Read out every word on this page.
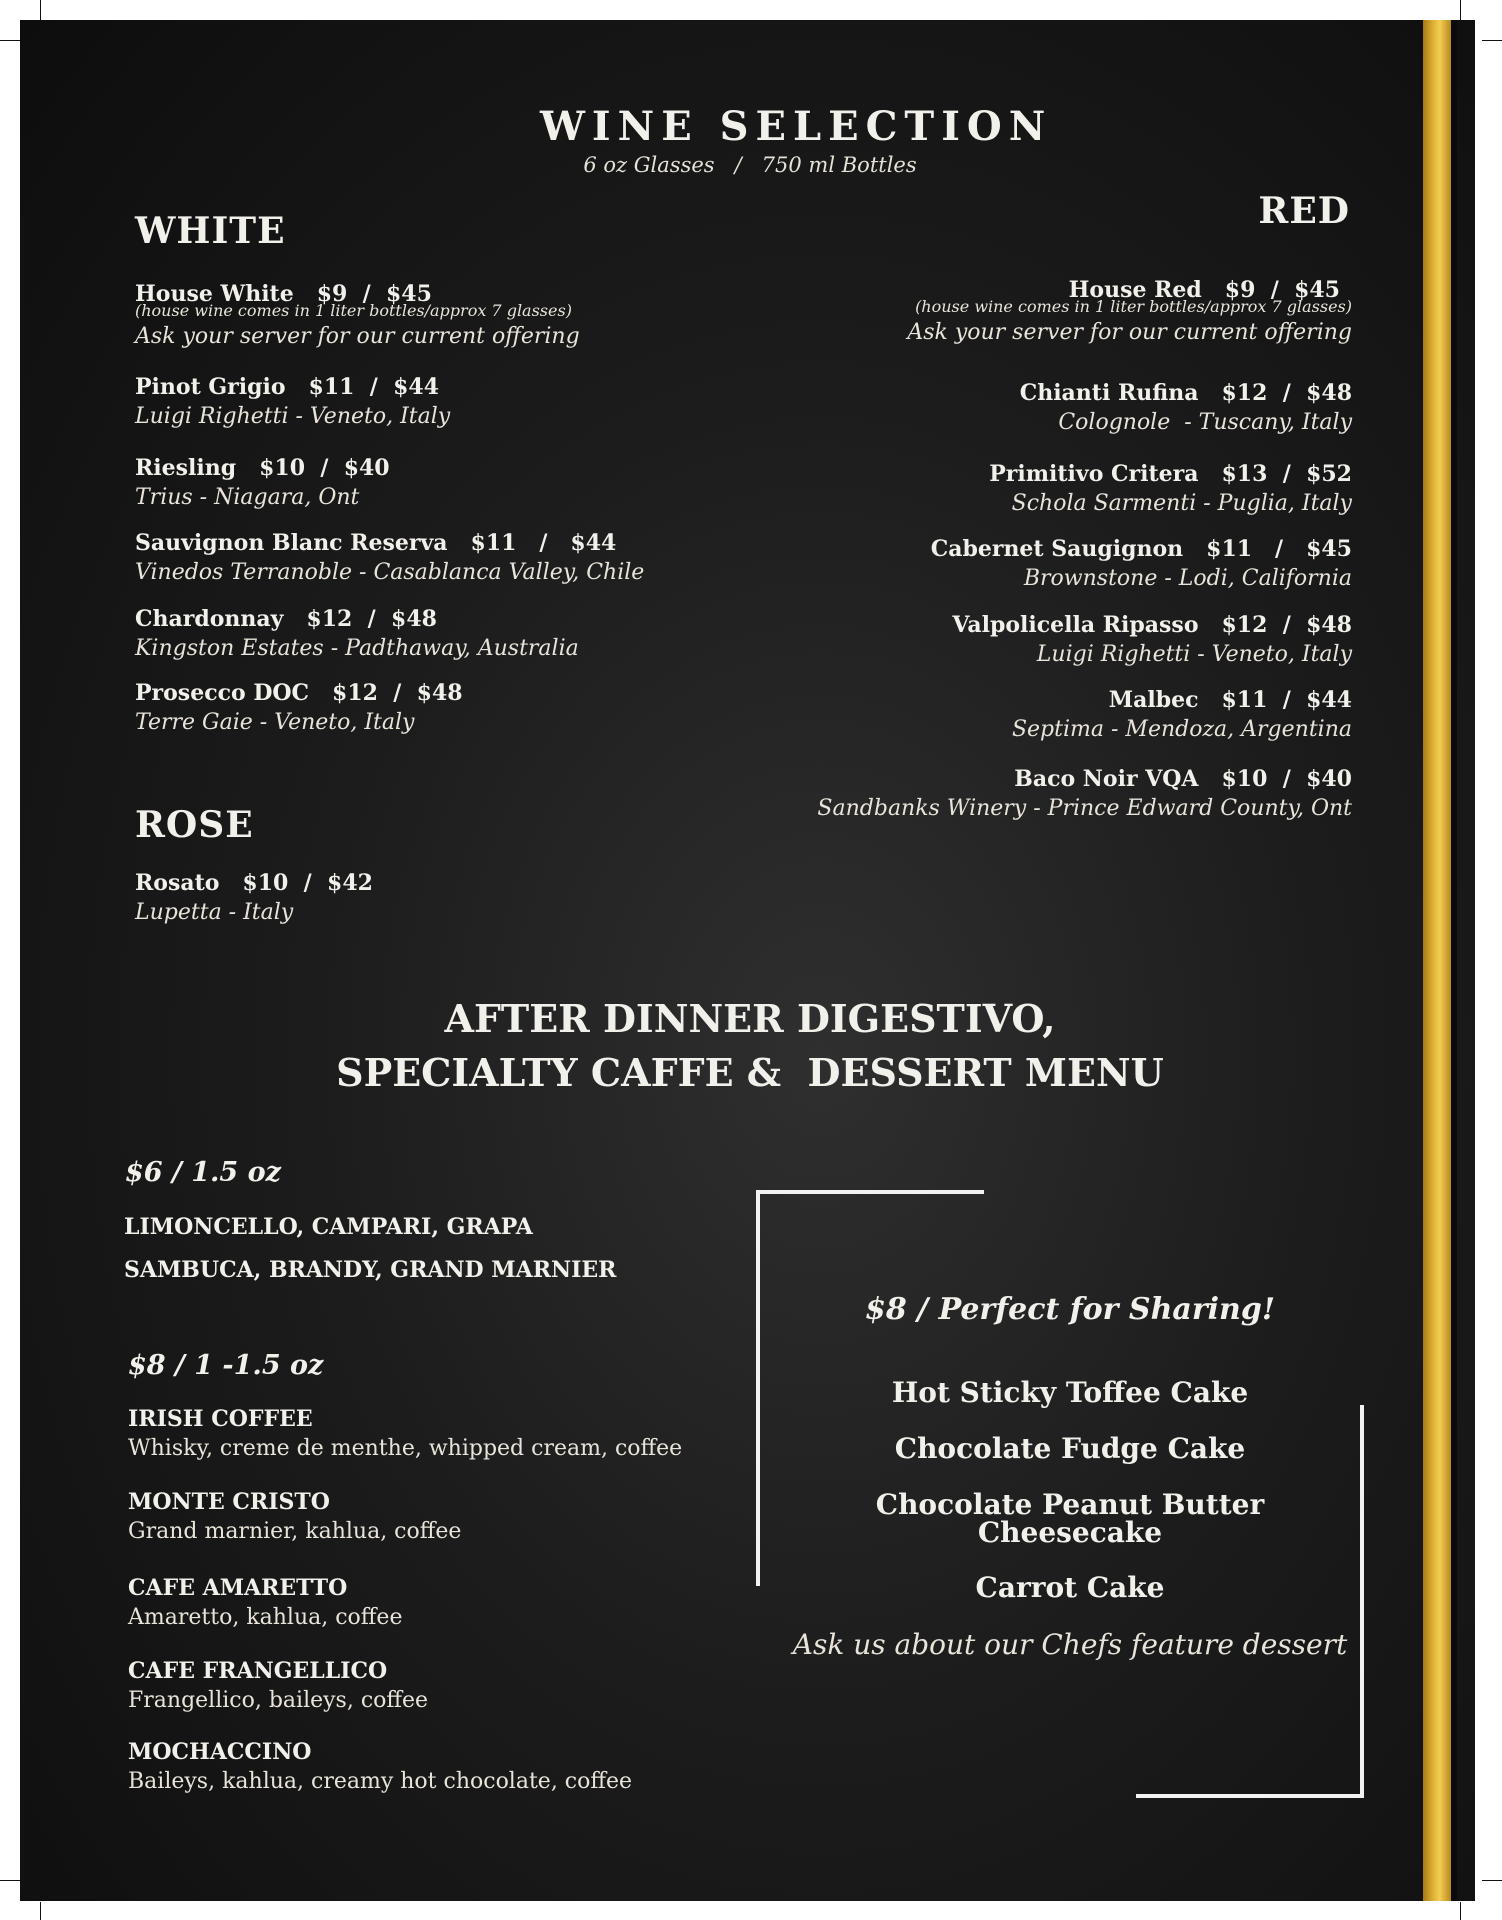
WINE SELECTION
6 oz Glasses   /   750 ml Bottles
WHITE
House White   $9  /  $45
(house wine comes in 1 liter bottles/approx 7 glasses)
Ask your server for our current offering
Pinot Grigio   $11  /  $44
Luigi Righetti - Veneto, Italy
Riesling   $10  /  $40
Trius - Niagara, Ont
Sauvignon Blanc Reserva   $11   /   $44
Vinedos Terranoble - Casablanca Valley, Chile
Chardonnay   $12  /  $48
Kingston Estates - Padthaway, Australia
Prosecco DOC   $12  /  $48
Terre Gaie - Veneto, Italy
ROSE
Rosato   $10  /  $42
Lupetta - Italy
RED
House Red   $9  /  $45
(house wine comes in 1 liter bottles/approx 7 glasses)
Ask your server for our current offering
Chianti Rufina   $12  /  $48
Colognole  - Tuscany, Italy
Primitivo Critera   $13  /  $52
Schola Sarmenti - Puglia, Italy
Cabernet Saugignon   $11   /   $45
Brownstone - Lodi, California
Valpolicella Ripasso   $12  /  $48
Luigi Righetti - Veneto, Italy
Malbec   $11  /  $44
Septima - Mendoza, Argentina
Baco Noir VQA   $10  /  $40
Sandbanks Winery - Prince Edward County, Ont
AFTER DINNER DIGESTIVO,
SPECIALTY CAFFE &  DESSERT MENU
$6 / 1.5 oz
LIMONCELLO, CAMPARI, GRAPA
SAMBUCA, BRANDY, GRAND MARNIER
$8 / 1 -1.5 oz
IRISH COFFEE
Whisky, creme de menthe, whipped cream, coffee
MONTE CRISTO
Grand marnier, kahlua, coffee
CAFE AMARETTO
Amaretto, kahlua, coffee
CAFE FRANGELLICO
Frangellico, baileys, coffee
MOCHACCINO
Baileys, kahlua, creamy hot chocolate, coffee
$8 / Perfect for Sharing!
Hot Sticky Toffee Cake
Chocolate Fudge Cake
Chocolate Peanut Butter
Cheesecake
Carrot Cake
Ask us about our Chefs feature dessert
